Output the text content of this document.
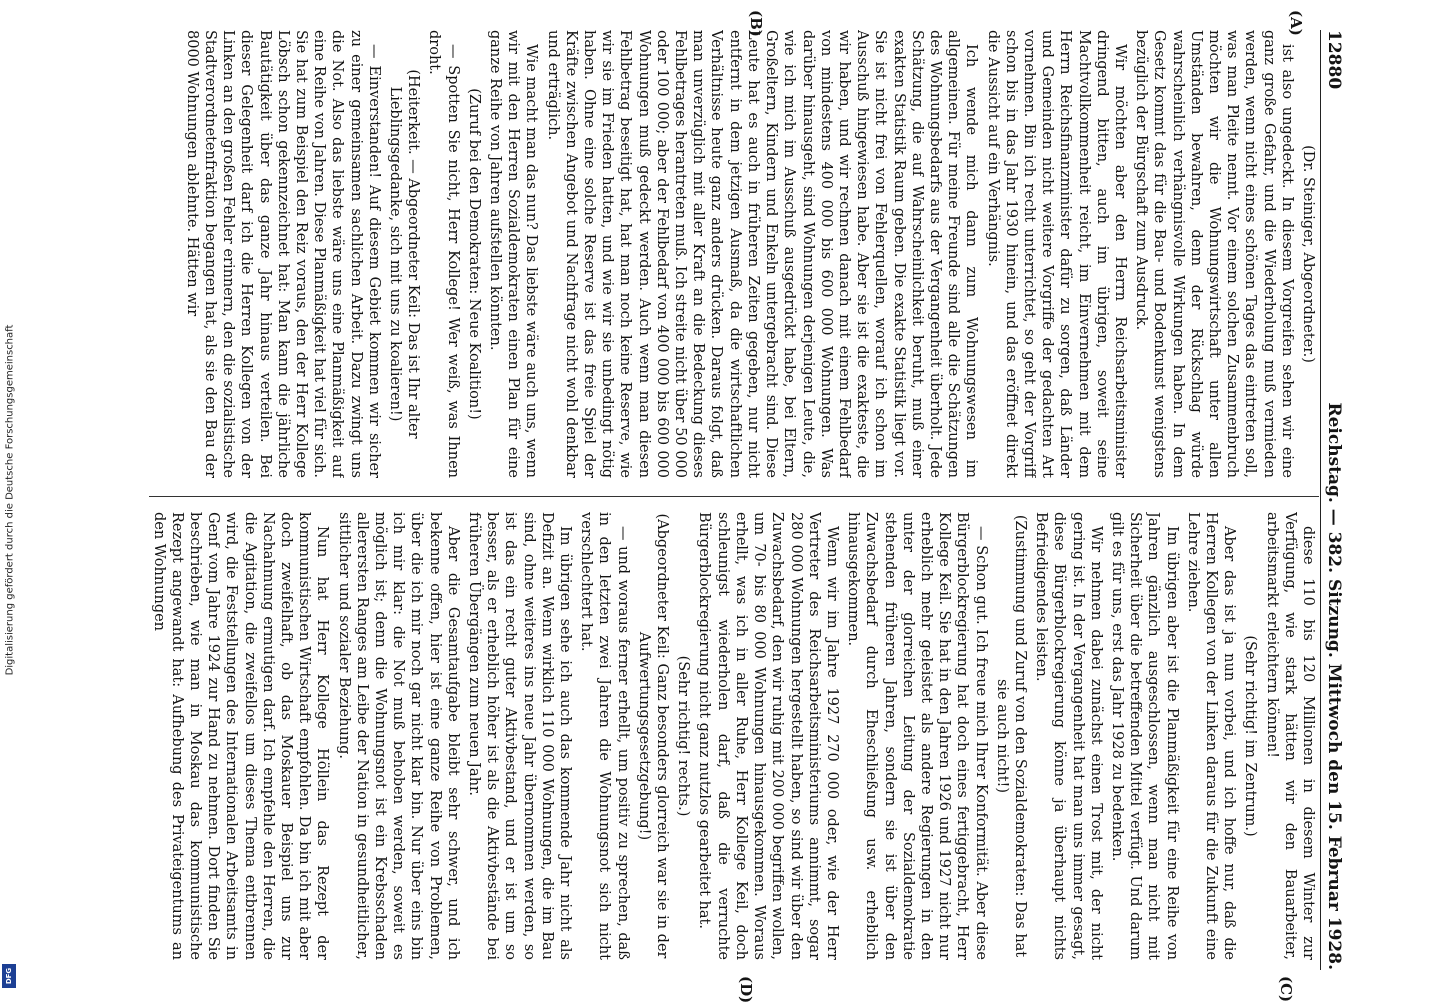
Digitalisierung gefördert durch die Deutsche Forschungsgemeinschaft
DFG
12880
Reichstag. — 382. Sitzung. Mittwoch den 15. Februar 1928.
(A)
(B)
(C)
(D)

(Dr. Steiniger, Abgeordneter.)

ist also ungedeckt. In diesem Vorgreifen sehen wir eine ganz große Gefahr, und die Wiederholung muß vermieden werden, wenn nicht eines schönen Tages das eintreten soll, was man Pleite nennt. Vor einem solchen Zusammenbruch möchten wir die Wohnungswirtschaft unter allen Umständen bewahren, denn der Rückschlag würde wahrscheinlich verhängnisvolle Wirkungen haben. In dem Gesetz kommt das für die Bau- und Bodenkunst wenigstens bezüglich der Bürgschaft zum Ausdruck.

Wir möchten aber den Herrn Reichsarbeitsminister dringend bitten, auch im übrigen, soweit seine Machtvollkommenheit reicht, im Einvernehmen mit dem Herrn Reichsfinanzminister dafür zu sorgen, daß Länder und Gemeinden nicht weitere Vorgriffe der gedachten Art vornehmen. Bin ich recht unterrichtet, so geht der Vorgriff schon bis in das Jahr 1930 hinein, und das eröffnet direkt die Aussicht auf ein Verhängnis.

Ich wende mich dann zum Wohnungswesen im allgemeinen. Für meine Freunde sind alle die Schätzungen des Wohnungsbedarfs aus der Vergangenheit überholt. Jede Schätzung, die auf Wahrscheinlichkeit beruht, muß einer exakten Statistik Raum geben. Die exakte Statistik liegt vor. Sie ist nicht frei von Fehlerquellen, worauf ich schon im Ausschuß hingewiesen habe. Aber sie ist die exakteste, die wir haben, und wir rechnen danach mit einem Fehlbedarf von mindestens 400 000 bis 600 000 Wohnungen. Was darüber hinausgeht, sind Wohnungen derjenigen Leute, die, wie ich mich im Ausschuß ausgedrückt habe, bei Eltern, Großeltern, Kindern und Enkeln untergebracht sind. Diese Leute hat es auch in früheren Zeiten gegeben, nur nicht entfernt in dem jetzigen Ausmaß, da die wirtschaftlichen Verhältnisse heute ganz anders drücken. Daraus folgt, daß man unverzüglich mit aller Kraft an die Bedeckung dieses Fehlbetrages herantreten muß. Ich streite nicht über 50 000 oder 100 000; aber der Fehlbedarf von 400 000 bis 600 000 Wohnungen muß gedeckt werden. Auch wenn man diesen Fehlbetrag beseitigt hat, hat man noch keine Reserve, wie wir sie im Frieden hatten, und wie wir sie unbedingt nötig haben. Ohne eine solche Reserve ist das freie Spiel der Kräfte zwischen Angebot und Nachfrage nicht wohl denkbar und erträglich.

Wie macht man das nun? Das liebste wäre auch uns, wenn wir mit den Herren Sozialdemokraten einen Plan für eine ganze Reihe von Jahren aufstellen könnten.

(Zuruf bei den Demokraten: Neue Koalition!)

— Spotten Sie nicht, Herr Kollege! Wer weiß, was Ihnen droht.

(Heiterkeit. — Abgeordneter Keil: Das ist Ihr alter Lieblingsgedanke, sich mit uns zu koalieren!)

— Einverstanden! Auf diesem Gebiet kommen wir sicher zu einer gemeinsamen sachlichen Arbeit. Dazu zwingt uns die Not. Also das liebste wäre uns eine Planmäßigkeit auf eine Reihe von Jahren. Diese Planmäßigkeit hat viel für sich. Sie hat zum Beispiel den Reiz voraus, den der Herr Kollege Löbsch schon gekennzeichnet hat: Man kann die jährliche Bautätigkeit über das ganze Jahr hinaus verteilen. Bei dieser Gelegenheit darf ich die Herren Kollegen von der Linken an den großen Fehler erinnern, den die sozialistische Stadtverordnetenfraktion begangen hat, als sie den Bau der 8000 Wohnungen ablehnte. Hätten wir

diese 110 bis 120 Millionen in diesem Winter zur Verfügung, wie stark hätten wir den Bauarbeiter, arbeitsmarkt erleichtern können!

(Sehr richtig! im Zentrum.)

Aber das ist ja nun vorbei, und ich hoffe nur, daß die Herren Kollegen von der Linken daraus für die Zukunft eine Lehre ziehen.

Im übrigen aber ist die Planmäßigkeit für eine Reihe von Jahren gänzlich ausgeschlossen, wenn man nicht mit Sicherheit über die betreffenden Mittel verfügt. Und darum gilt es für uns, erst das Jahr 1928 zu bedenken.

Wir nehmen dabei zunächst einen Trost mit, der nicht gering ist. In der Vergangenheit hat man uns immer gesagt, diese Bürgerblockregierung könne ja überhaupt nichts Befriedigendes leisten.

(Zustimmung und Zuruf von den Sozialdemokraten: Das hat sie auch nicht!)

— Schon gut. Ich freue mich Ihrer Konformität. Aber diese Bürgerblockregierung hat doch eines fertiggebracht, Herr Kollege Keil. Sie hat in den Jahren 1926 und 1927 nicht nur erheblich mehr geleistet als andere Regierungen in den unter der glorreichen Leitung der Sozialdemokratie stehenden früheren Jahren, sondern sie ist über den Zuwachsbedarf durch Eheschließung usw. erheblich hinausgekommen.

Wenn wir im Jahre 1927 270 000 oder, wie der Herr Vertreter des Reichsarbeitsministeriums annimmt, sogar 280 000 Wohnungen hergestellt haben, so sind wir über den Zuwachsbedarf, den wir ruhig mit 200 000 begriffen wollen, um 70- bis 80 000 Wohnungen hinausgekommen. Woraus erhellt, was ich in aller Ruhe, Herr Kollege Keil, doch schleunigst wiederholen darf, daß die verruchte Bürgerblockregierung nicht ganz nutzlos gearbeitet hat.

(Sehr richtig! rechts.)

(Abgeordneter Keil: Ganz besonders glorreich war sie in der Aufwertungsgesetzgebung!)

— und woraus ferner erhellt, um positiv zu sprechen, daß in den letzten zwei Jahren die Wohnungsnot sich nicht verschlechtert hat.

Im übrigen sehe ich auch das kommende Jahr nicht als Defizit an. Wenn wirklich 110 000 Wohnungen, die im Bau sind, ohne weiteres ins neue Jahr übernommen werden, so ist das ein recht guter Aktivbestand, und er ist um so besser, als er erheblich höher ist als die Aktivbestände bei früheren Übergängen zum neuen Jahr.

Aber die Gesamtaufgabe bleibt sehr schwer, und ich bekenne offen, hier ist eine ganze Reihe von Problemen, über die ich mir noch gar nicht klar bin. Nur über eins bin ich mir klar: die Not muß behoben werden, soweit es möglich ist; denn die Wohnungsnot ist ein Krebsschaden allerersten Ranges am Leibe der Nation in gesundheitlicher, sittlicher und sozialer Beziehung.

Nun hat Herr Kollege Höllein das Rezept der kommunistischen Wirtschaft empfohlen. Da bin ich mit aber doch zweifelhaft, ob das Moskauer Beispiel uns zur Nachahmung ermutigen darf. Ich empfehle den Herren, die die Agitation, die zweifellos um dieses Thema entbrennen wird, die Feststellungen des Internationalen Arbeitsamts in Genf vom Jahre 1924 zur Hand zu nehmen. Dort finden Sie beschrieben, wie man in Moskau das kommunistische Rezept angewandt hat: Aufhebung des Privateigentums an den Wohnungen
